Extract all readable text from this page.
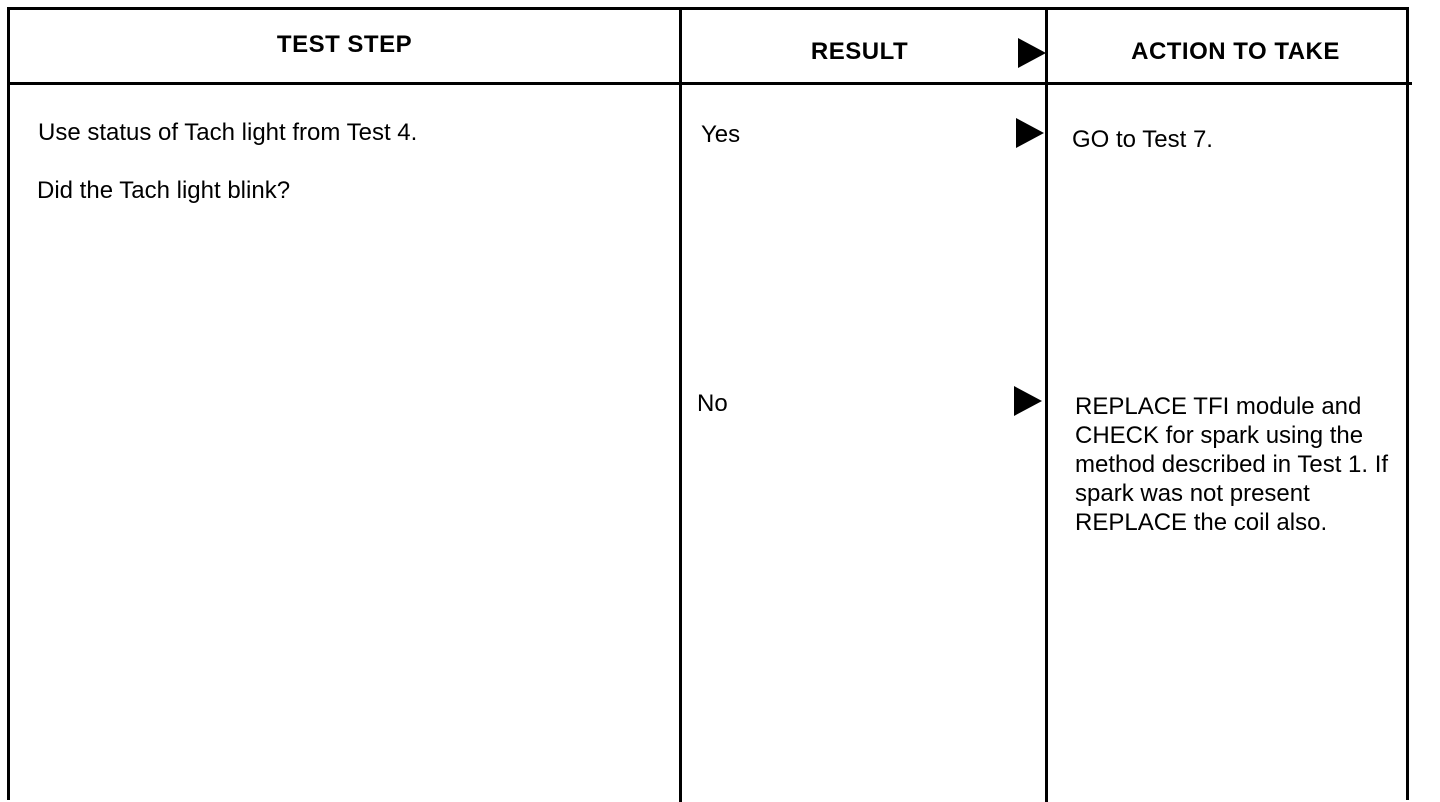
TEST STEP	RESULT	ACTION TO TAKE
Use status of Tach light from Test 4.
Did the Tach light blink?
Yes	GO to Test 7.
No	REPLACE TFI module and CHECK for spark using the method described in Test 1. If spark was not present REPLACE the coil also.
